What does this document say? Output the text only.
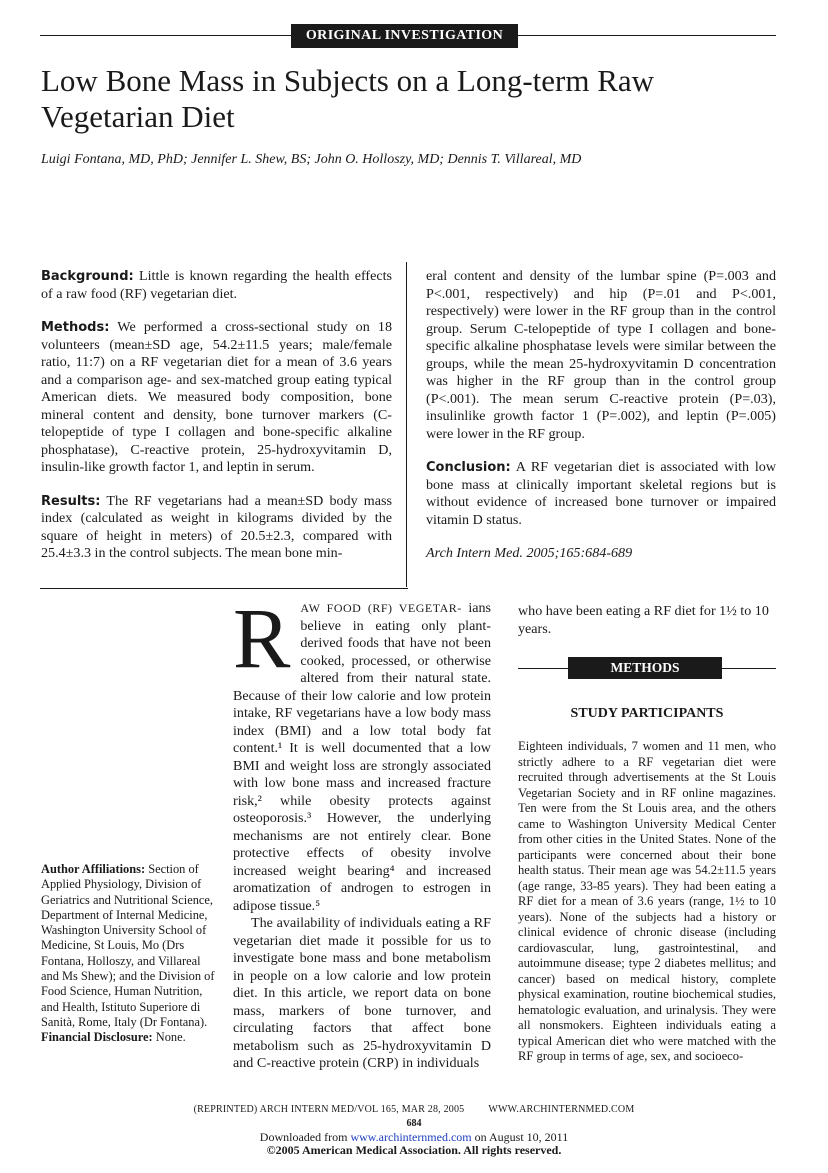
ORIGINAL INVESTIGATION
Low Bone Mass in Subjects on a Long-term Raw Vegetarian Diet
Luigi Fontana, MD, PhD; Jennifer L. Shew, BS; John O. Holloszy, MD; Dennis T. Villareal, MD

Background: Little is known regarding the health effects of a raw food (RF) vegetarian diet.

Methods: We performed a cross-sectional study on 18 volunteers (mean±SD age, 54.2±11.5 years; male/female ratio, 11:7) on a RF vegetarian diet for a mean of 3.6 years and a comparison age- and sex-matched group eating typical American diets. We measured body composition, bone mineral content and density, bone turnover markers (C-telopeptide of type I collagen and bone-specific alkaline phosphatase), C-reactive protein, 25-hydroxyvitamin D, insulin-like growth factor 1, and leptin in serum.

Results: The RF vegetarians had a mean±SD body mass index (calculated as weight in kilograms divided by the square of height in meters) of 20.5±2.3, compared with 25.4±3.3 in the control subjects. The mean bone min-

eral content and density of the lumbar spine (P=.003 and P<.001, respectively) and hip (P=.01 and P<.001, respectively) were lower in the RF group than in the control group. Serum C-telopeptide of type I collagen and bone-specific alkaline phosphatase levels were similar between the groups, while the mean 25-hydroxyvitamin D concentration was higher in the RF group than in the control group (P<.001). The mean serum C-reactive protein (P=.03), insulinlike growth factor 1 (P=.002), and leptin (P=.005) were lower in the RF group.

Conclusion: A RF vegetarian diet is associated with low bone mass at clinically important skeletal regions but is without evidence of increased bone turnover or impaired vitamin D status.

Arch Intern Med. 2005;165:684-689

Author Affiliations: Section of Applied Physiology, Division of Geriatrics and Nutritional Science, Department of Internal Medicine, Washington University School of Medicine, St Louis, Mo (Drs Fontana, Holloszy, and Villareal and Ms Shew); and the Division of Food Science, Human Nutrition, and Health, Istituto Superiore di Sanità, Rome, Italy (Dr Fontana).

Financial Disclosure: None.

RAW FOOD (RF) VEGETAR- ians believe in eating only plant-derived foods that have not been cooked, processed, or otherwise altered from their natural state. Because of their low calorie and low protein intake, RF vegetarians have a low body mass index (BMI) and a low total body fat content.¹ It is well documented that a low BMI and weight loss are strongly associated with low bone mass and increased fracture risk,² while obesity protects against osteoporosis.³ However, the underlying mechanisms are not entirely clear. Bone protective effects of obesity involve increased weight bearing⁴ and increased aromatization of androgen to estrogen in adipose tissue.⁵

The availability of individuals eating a RF vegetarian diet made it possible for us to investigate bone mass and bone metabolism in people on a low calorie and low protein diet. In this article, we report data on bone mass, markers of bone turnover, and circulating factors that affect bone metabolism such as 25-hydroxyvitamin D and C-reactive protein (CRP) in individuals

who have been eating a RF diet for 1½ to 10 years.

METHODS
STUDY PARTICIPANTS

Eighteen individuals, 7 women and 11 men, who strictly adhere to a RF vegetarian diet were recruited through advertisements at the St Louis Vegetarian Society and in RF online magazines. Ten were from the St Louis area, and the others came to Washington University Medical Center from other cities in the United States. None of the participants were concerned about their bone health status. Their mean age was 54.2±11.5 years (age range, 33-85 years). They had been eating a RF diet for a mean of 3.6 years (range, 1½ to 10 years). None of the subjects had a history or clinical evidence of chronic disease (including cardiovascular, lung, gastrointestinal, and autoimmune disease; type 2 diabetes mellitus; and cancer) based on medical history, complete physical examination, routine biochemical studies, hematologic evaluation, and urinalysis. They were all nonsmokers. Eighteen individuals eating a typical American diet who were matched with the RF group in terms of age, sex, and socioeco-

(REPRINTED) ARCH INTERN MED/VOL 165, MAR 28, 2005 WWW.ARCHINTERNMED.COM
684
Downloaded from www.archinternmed.com on August 10, 2011
©2005 American Medical Association. All rights reserved.
